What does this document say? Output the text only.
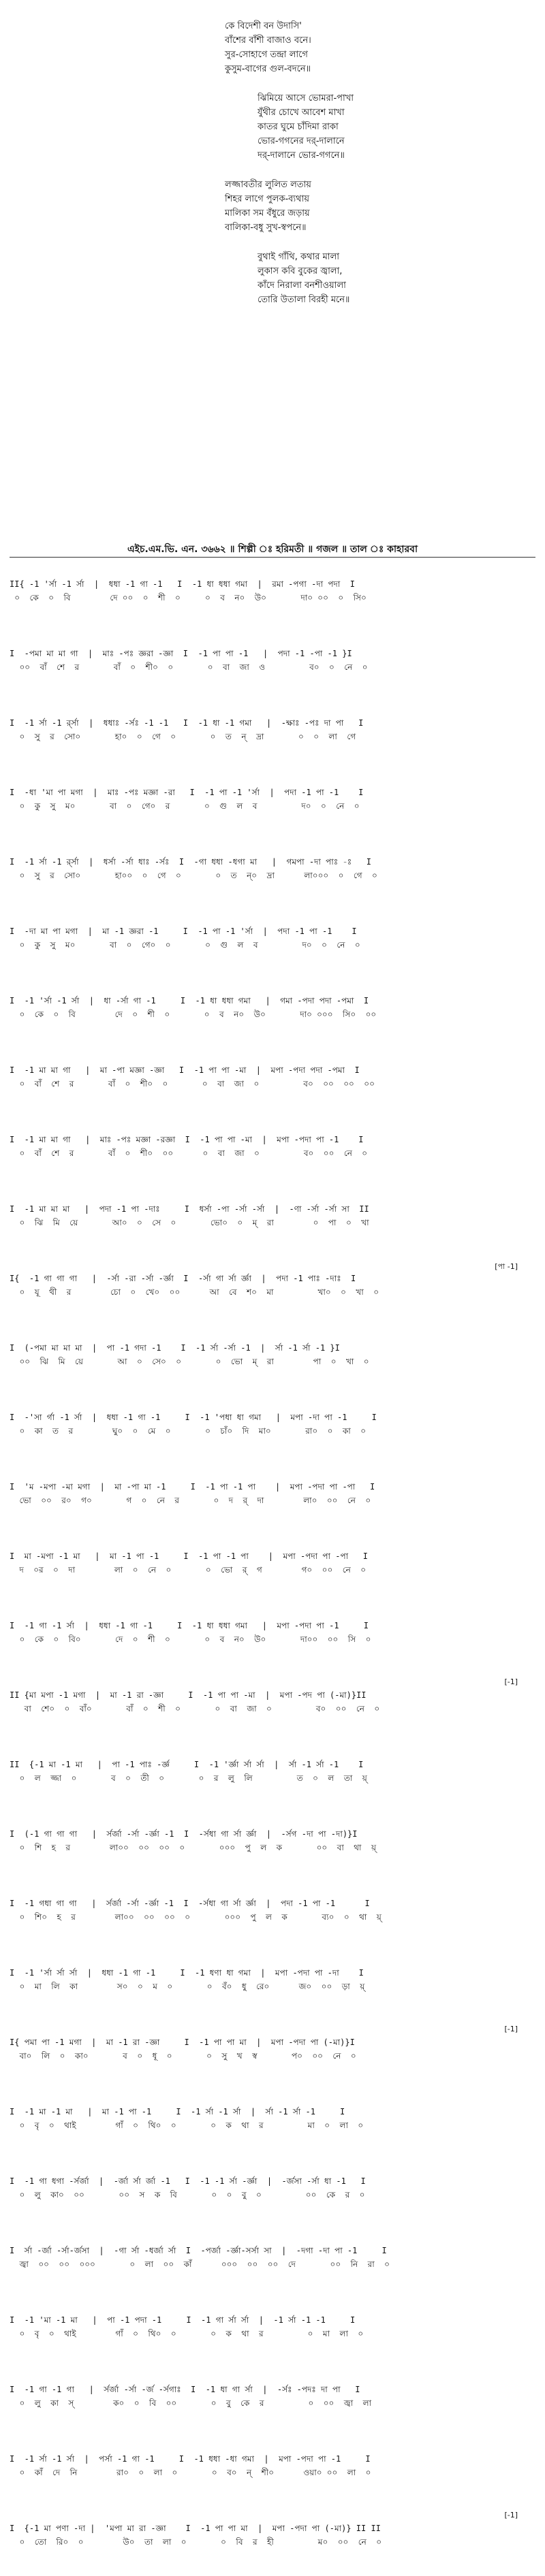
কে বিদেশী বন উদাসি'
বাঁশের বাঁশী বাজাও বনে।
সুর-সোহাগে তন্দ্রা লাগে
কুসুম-বাগের গুল-বদনে॥
ঝিমিয়ে আসে ভোমরা-পাখা
যুঁথীর চোখে আবেশ মাখা
কাতর ঘুমে চাঁদিমা রাকা
ভোর-গগনের দর্-দালানে
দর্-দালানে ভোর-গগনে॥
লজ্জাবতীর লুলিত লতায়
শিহর লাগে পুলক-ব্যথায়
মালিকা সম বঁধুরে জড়ায়
বালিকা-বধু সুখ-স্বপনে॥
বুথাই গাঁথি, কথার মালা
লুকাস কবি বুকের জ্বালা,
কাঁদে নিরালা বনশীওয়ালা
তোরি উতালা বিরহী মনে॥
এইচ.এম.ভি. এন. ৩৬৬২ ॥ শিল্পী ঃ হরিমতী ॥ গজল ॥ তাল ঃ কাহারবা
II{ -1 'র্সা -1 র্সা  |  ধধা -1 গা -1   I  -1 ধা ধধা গমা  |  রমা -পগা -দা পদা  I
০  কে  ০  বি        দে ০০  ০  শী  ০     ০  ব  ন০  উ০       দা০ ০০  ০  সি০
I  -পমা মা মা গা  |  মাঃ -পঃ জ্ঞরা -জ্ঞা  I  -1 পা পা -1   |  পদা -1 -পা -1 }I
০০  বাঁ  শে  র       বাঁ  ০  শী০  ০       ০  বা  জা  ও         ব০  ০  নে  ০
I  -1 র্সা -1 র্র্সা  |  ধধাঃ -র্সঃ -1 -1   I  -1 ধা -1 গমা   |  -ক্ষাঃ -পঃ দা পা   I
০  সু  র  সো০       হা০  ০  গে  ০       ০  ত  ন্  দ্রা       ০  ০  লা  গে
I  -ধা 'মা পা মগা  |  মাঃ -পঃ মজ্ঞা -রা   I  -1 পা -1 'র্সা  |  পদা -1 পা -1    I
০  কু  সু  ম০       বা  ০  গে০  র       ০  গু  ল  ব         দ০  ০  নে  ০
I  -1 র্সা -1 র্র্সা  |  ধর্সা -র্সা ধাঃ -র্সঃ  I  -গা ধধা -ধগা মা   |  গমপা -দা পাঃ -ঃ   I
০  সু  র  সো০       হা০০  ০  গে  ০       ০  ত  ন্০  দ্রা      লা০০০  ০  গে  ০
I  -দা মা পা মগা  |  মা -1 জ্ঞরা -1     I  -1 পা -1 'র্সা  |  পদা -1 পা -1    I
০  কু  সু  ম০       বা  ০  গে০  ০       ০  গু  ল  ব         দ০  ০  নে  ০
I  -1 'র্সা -1 র্সা  |  ধা -র্সা গা -1     I  -1 ধা ধধা গমা   |  গমা -পদা পদা -পমা  I
০  কে  ০  বি        দে  ০  শী  ০       ০  ব  ন০  উ০       দা০ ০০০  সি০  ০০
I  -1 মা মা গা   |  মা -পা মজ্ঞা -জ্ঞা   I  -1 পা পা -মা  |  মপা -পদা পদা -পমা  I
০  বাঁ  শে  র       বাঁ  ০  শী০  ০       ০  বা  জা  ০         ব০  ০০  ০০  ০০
I  -1 মা মা গা   |  মাঃ -পঃ মজ্ঞা -রজ্ঞা  I  -1 পা পা -মা  |  মপা -পদা পা -1    I
০  বাঁ  শে  র       বাঁ  ০  শী০  ০০      ০  বা  জা  ০         ব০  ০০  নে  ০
I  -1 মা মা মা   |  পদা -1 পা -দাঃ     I  ধর্সা -পা -র্সা -র্সা  |  -ণা -র্সা -র্সা সা  II
০  ঝি  মি  য়ে       আ০  ০  সে  ০       ভো০  ০  ম্  রা        ০  পা  ০  খা
[পা -1]
I{  -1 গা গা গা   |  -র্সা -রা -র্সা -র্জ্ঞা  I  -র্সা গা র্সা র্জ্ঞা  |  পদা -1 পাঃ -দাঃ  I
০  যূ  থী  র        চো  ০  খে০  ০০      আ  বে  শ০  মা         খা০  ০  খা  ০
I  (-পমা মা মা মা  |  পা -1 গদা -1    I  -1 র্সা -র্সা -1  |  র্সা -1 র্সা -1 }I
০০  ঝি  মি  য়ে       আ  ০  সে০  ০       ০  ভো  ম্  রা        পা  ০  খা  ০
I  -'সা র্গা -1 র্সা  |  ধধা -1 গা -1     I  -1 'পধা ধা গমা   |  মপা -দা পা -1     I
০  কা  ত  র        ঘু০  ০  মে  ০       ০  চাঁ০  দি  মা০       রা০  ০  কা  ০
I  'ম -মপা -মা মগা  |  মা -পা মা -1     I  -1 পা -1 পা    |  মপা -পদা পা -পা   I
ভো  ০০  র০  গ০       গ  ০  নে  র       ০  দ  র্  দা        লা০  ০০  নে  ০
I  মা -মপা -1 মা   |  মা -1 পা -1     I  -1 পা -1 পা    |  মপা -পদা পা -পা   I
দ  ০র  ০  দা        লা  ০  নে  ০       ০  ভো  র্  গ        গ০  ০০  নে  ০
I  -1 গা -1 র্সা  |  ধধা -1 গা -1     I  -1 ধা ধধা গমা   |  মপা -পদা পা -1     I
০  কে  ০  বি০       দে  ০  শী  ০       ০  ব  ন০  উ০       দা০০  ০০  সি  ০
[-1]
II {মা মপা -1 মগা  |  মা -1 রা -জ্ঞা     I  -1 পা পা -মা  |  মপা -পদ পা (-মা)}II
বা  শে০  ০  বাঁ০       বাঁ  ০  শী  ০       ০  বা  জা  ০         ব০  ০০  নে  ০
II  {-1 মা -1 মা   |  পা -1 পাঃ -র্জ্ঞ     I  -1 'র্জ্ঞা র্সা র্সা  |  র্সা -1 র্সা -1    I
০  ল  জ্জা  ০       ব  ০  তী  ০       ০  র  লু  লি         ত  ০  ল  তা  য়্
I  (-1 গা গা গা   |  র্সর্জা -র্সা -র্জ্ঞা -1  I  -র্সধা গা র্সা র্জ্ঞা  |  -র্সগ -দা পা -দা)}I
০  শি  হ  র        লা০০  ০০  ০০  ০       ০০০  পু  ল  ক       ০০  বা  থা  য়্
I  -1 গধা গা গা   |  র্সর্জা -র্সা -র্জ্ঞা -1  I  -র্সধা গা র্সা র্জ্ঞা  |  পদা -1 পা -1      I
০  শি০  হ  র        লা০০  ০০  ০০  ০       ০০০  পু  ল  ক       ব্য০  ০  থা  য়্
I  -1 'র্সা র্সা র্সা  |  ধধা -1 গা -1     I  -1 ধণা ধা গমা  |  মপা -পদা পা -দা    I
০  মা  লি  কা        স০  ০  ম  ০       ০  বঁ০  ধু  রে০      জ০  ০০  ড়া  য়্
[-1]
I{ পমা পা -1 মগা  |  মা -1 রা -জ্ঞা     I  -1 পা পা মা  |  মপা -পদা পা (-মা)}I
বা০  লি  ০  কা০       ব  ০  ধূ  ০       ০  সু  খ  স্ব       প০  ০০  নে  ০
I  -1 মা -1 মা   |  মা -1 পা -1     I  -1 র্সা -1 র্সা  |  র্সা -1 র্সা -1     I
০  বৃ  ০  থাই        গাঁ  ০  থি০  ০       ০  ক  থা  র         মা  ০  লা  ০
I  -1 গা ধগা -র্সর্জা  |  -র্জা র্সা র্জা -1   I  -1 -1 র্সা -র্জ্ঞা  |  -র্জসা -র্সা ধা -1   I
০  লু  কা০  ০০       ০০  স  ক  বি       ০  ০  বু  ০         ০০  কে  র  ০
I  র্সা -র্জা -র্সা-র্জসা  |  -গা র্সা -ধর্জা র্সা  I  -পর্জা -র্জ্ঞা-সর্সা সা  |  -দগা -দা পা -1     I
জ্বা  ০০  ০০  ০০০       ০  লা  ০০  কাঁ      ০০০  ০০  ০০  দে       ০০  নি  রা  ০
I  -1 'মা -1 মা   |  পা -1 পদা -1     I  -1 গা র্সা র্সা  |  -1 র্সা -1 -1     I
০  বৃ  ০  থাই        গাঁ  ০  থি০  ০       ০  ক  থা  র         ০  মা  লা  ০
I  -1 গা -1 গা   |  র্সর্জা -র্সা -র্জ -র্সগাঃ  I  -1 ধা গা র্সা  |  -র্সঃ -পদঃ দা পা   I
০  লু  কা  স্        ক০  ০  বি  ০০       ০  বু  কে  র         ০  ০০  জ্বা  লা
I  -1 র্সা -1 র্সা  |  পর্সা -1 গা -1     I  -1 ধধা -ধা গমা  |  মপা -পদা পা -1     I
০  কাঁ  দে  নি        রা০  ০  লা  ০       ০  ব০  ন্  শী০      ওয়া০ ০০  লা  ০
[-1]
I  {-1 মা পণা -দা |  'মপা মা রা -জ্ঞা    I  -1 পা পা মা  |  মপা -পদা পা (-মা)} II II
০  তো  রি০  ০        উ০  তা  লা  ০       ০  বি  র  হী         ম০  ০০  নে  ০
